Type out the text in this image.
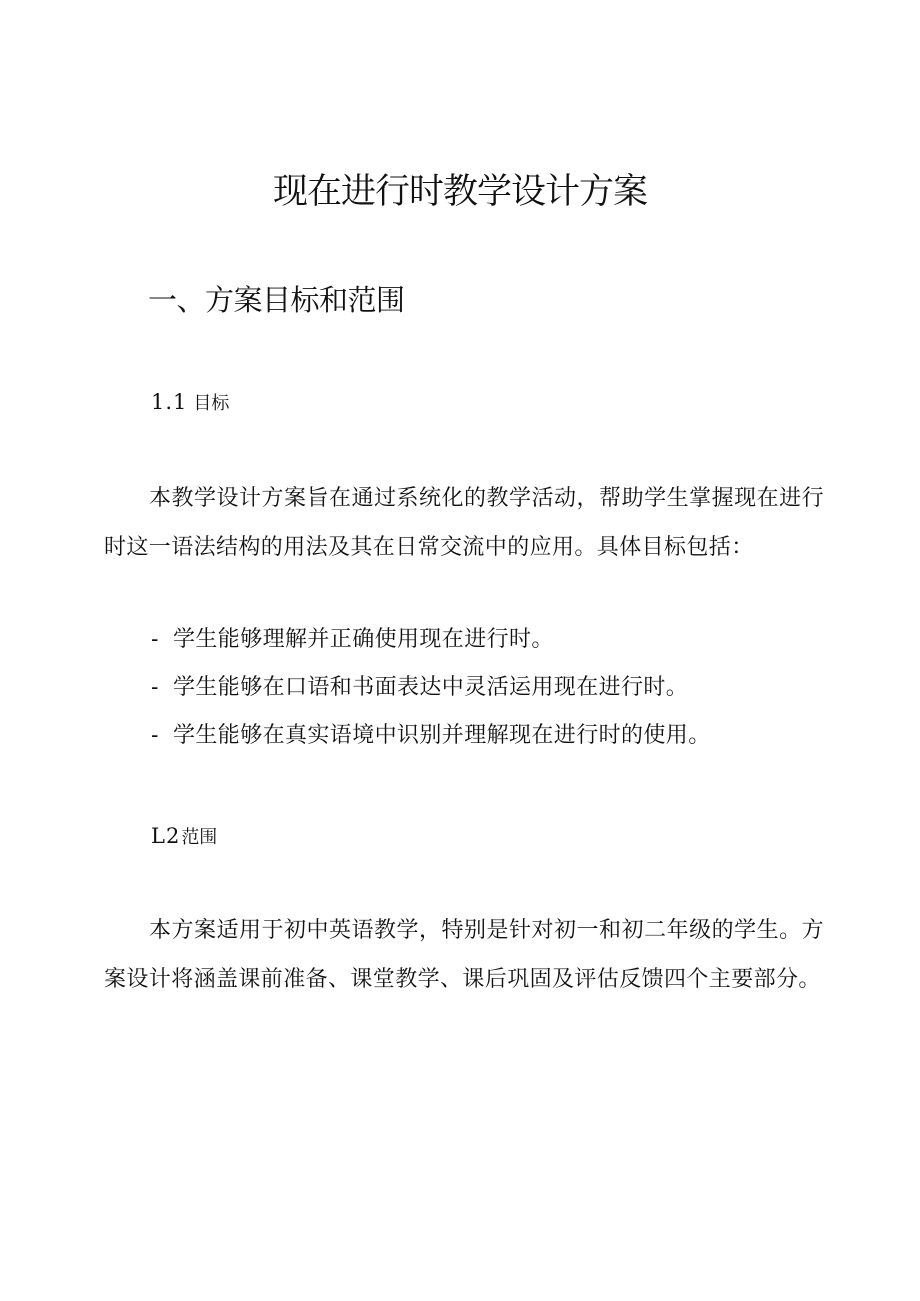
现在进行时教学设计方案
一、方案目标和范围
1.1 目标

本教学设计方案旨在通过系统化的教学活动，帮助学生掌握现在进行时这一语法结构的用法及其在日常交流中的应用。具体目标包括：

- 学生能够理解并正确使用现在进行时。
- 学生能够在口语和书面表达中灵活运用现在进行时。
- 学生能够在真实语境中识别并理解现在进行时的使用。
L2范围

本方案适用于初中英语教学，特别是针对初一和初二年级的学生。方案设计将涵盖课前准备、课堂教学、课后巩固及评估反馈四个主要部分。
